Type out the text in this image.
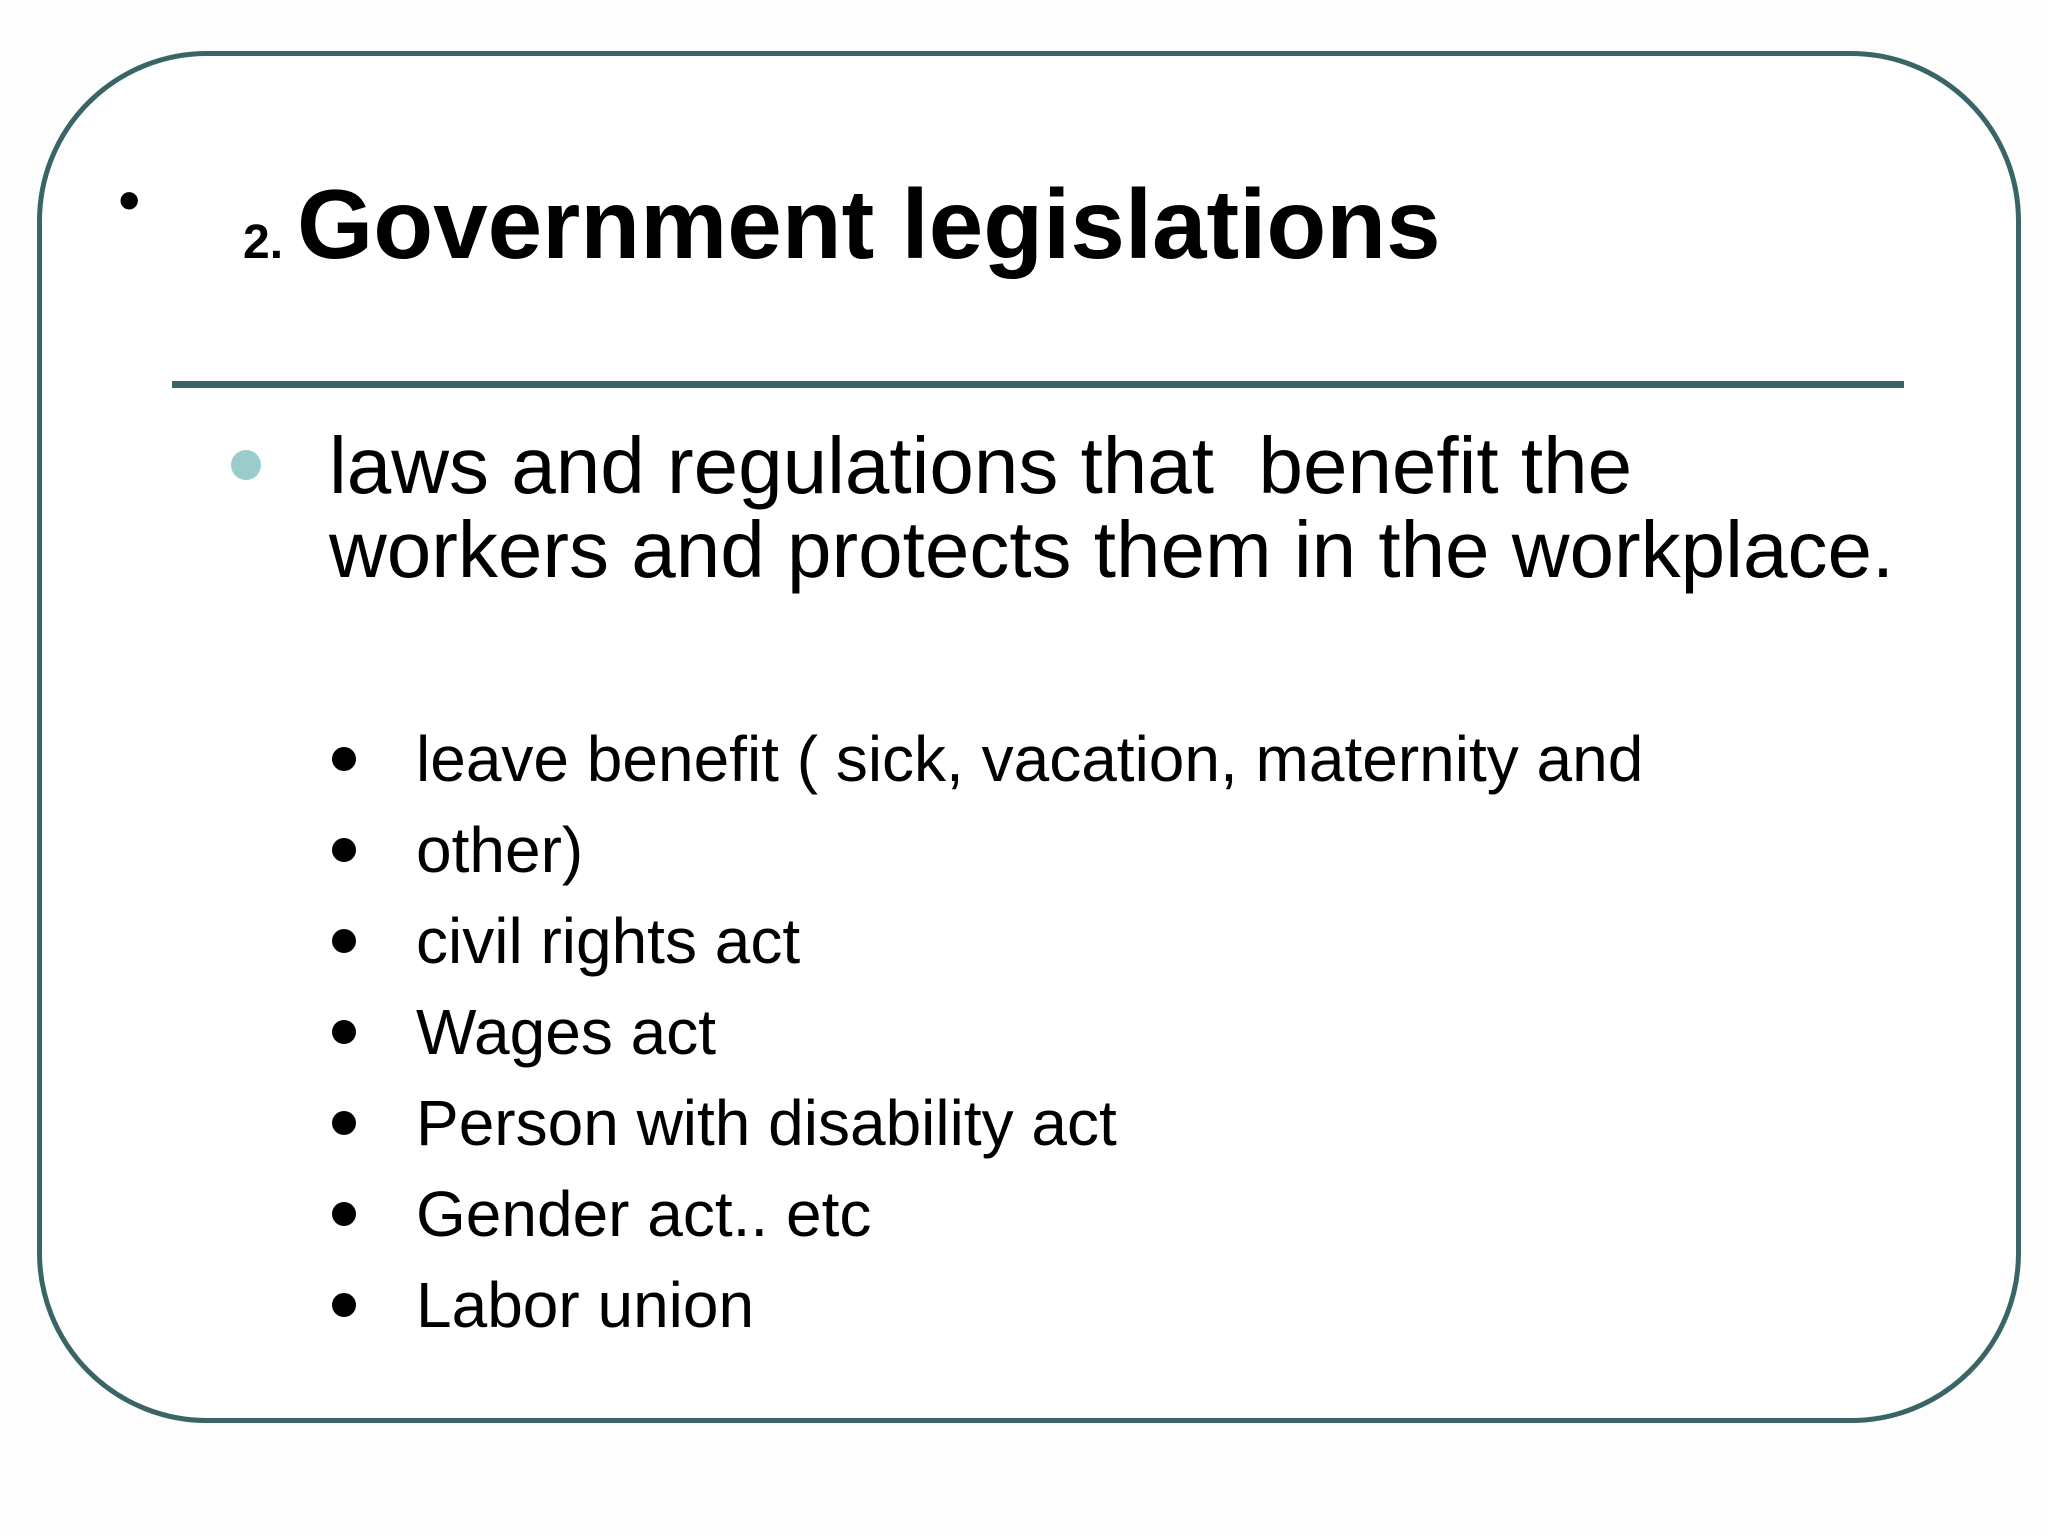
•
2. Government legislations
laws and regulations that  benefit the
workers and protects them in the workplace.
leave benefit ( sick, vacation, maternity and
other)
civil rights act
Wages act
Person with disability act
Gender act.. etc
Labor union
